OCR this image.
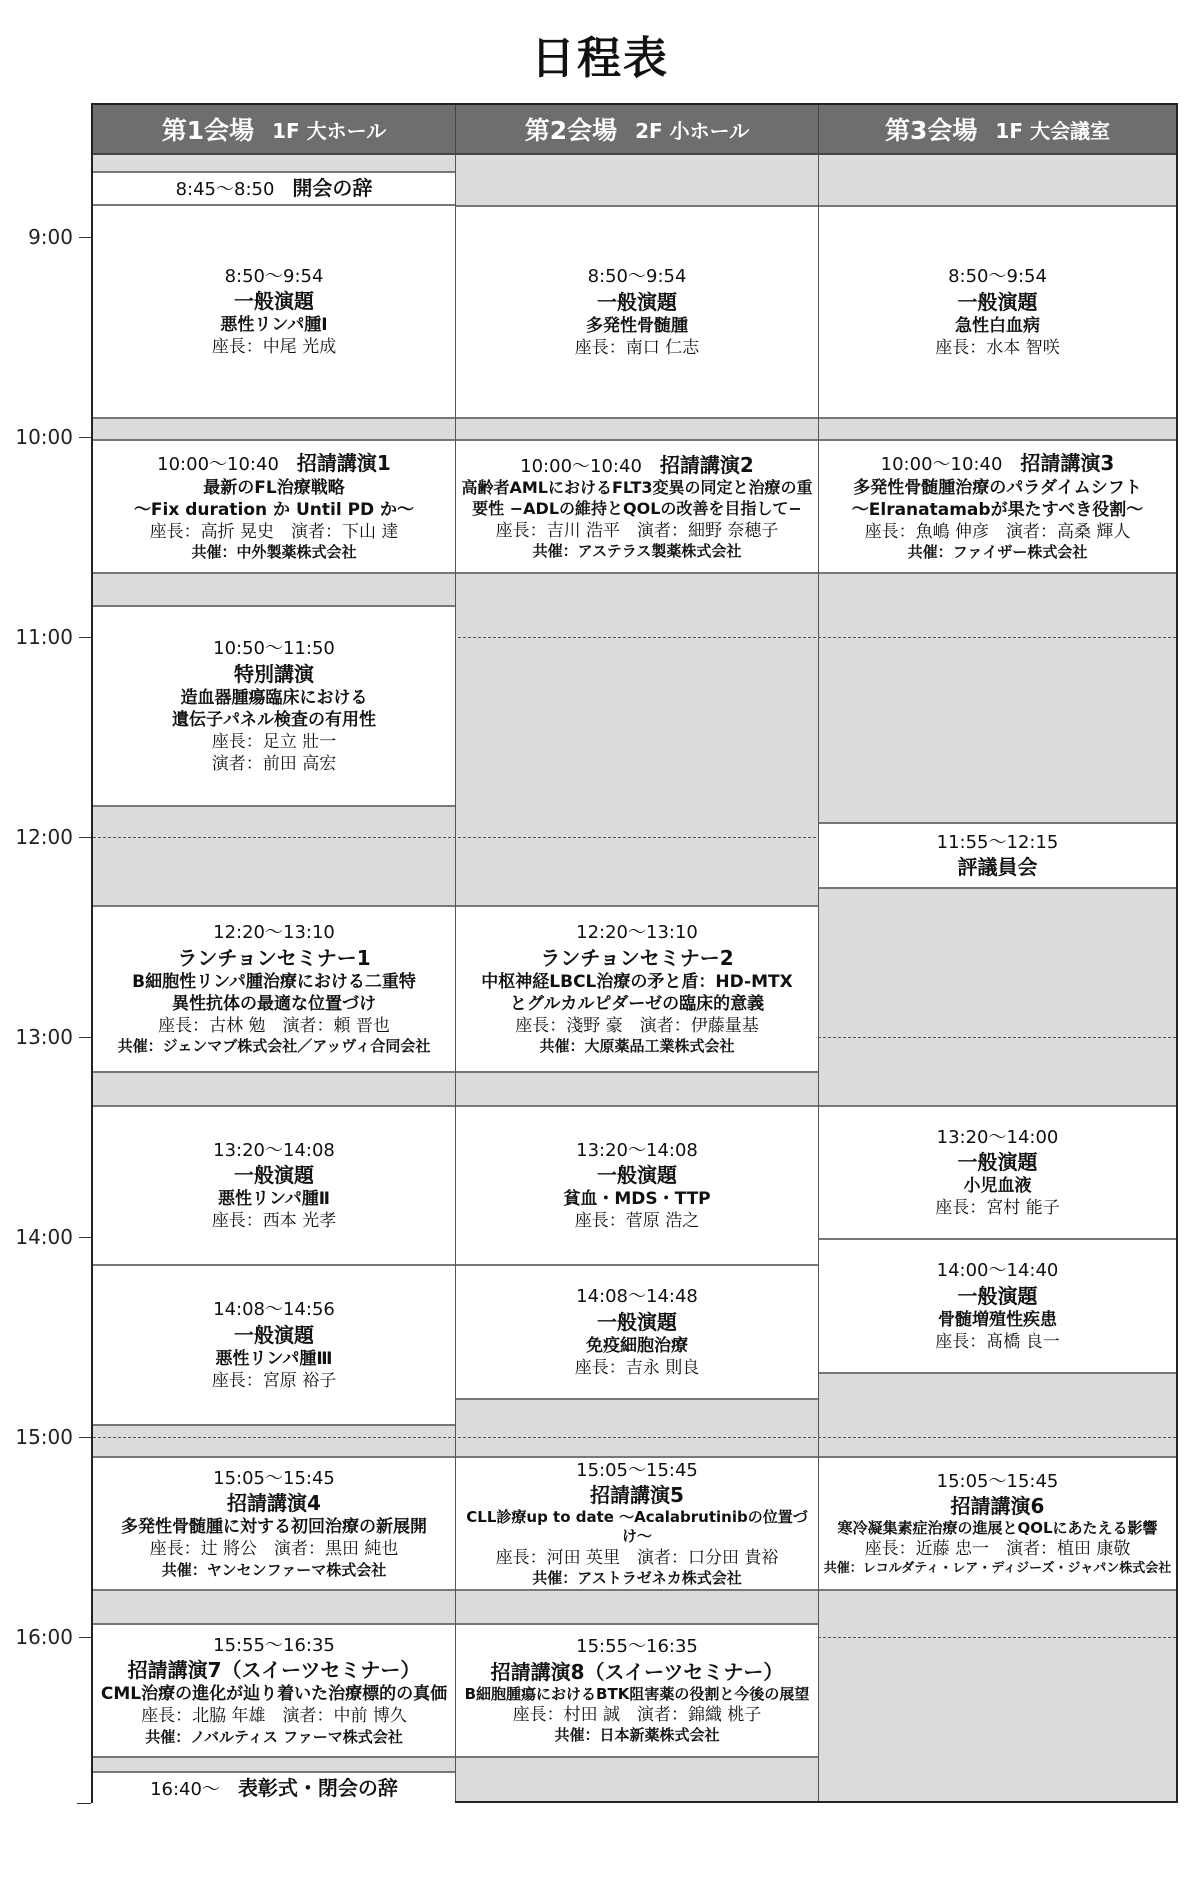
日程表
9:00
10:00
11:00
12:00
13:00
14:00
15:00
16:00
第1会場 1F 大ホール	第2会場 2F 小ホール	第3会場 1F 大会議室
8:45〜8:50 開会の辞
8:50〜9:54
一般演題
悪性リンパ腫Ⅰ
座長：中尾 光成
10:00〜10:40 招請講演1
最新のFL治療戦略
〜Fix duration か Until PD か〜
座長：高折 晃史　演者：下山 達
共催：中外製薬株式会社
10:50〜11:50
特別講演
造血器腫瘍臨床における
遺伝子パネル検査の有用性
座長：足立 壯一
演者：前田 高宏
12:20〜13:10
ランチョンセミナー1
B細胞性リンパ腫治療における二重特
異性抗体の最適な位置づけ
座長：古林 勉　演者：頼 晋也
共催：ジェンマブ株式会社／アッヴィ合同会社
13:20〜14:08
一般演題
悪性リンパ腫Ⅱ
座長：西本 光孝
14:08〜14:56
一般演題
悪性リンパ腫Ⅲ
座長：宮原 裕子
15:05〜15:45
招請講演4
多発性骨髄腫に対する初回治療の新展開
座長：辻 將公　演者：黒田 純也
共催：ヤンセンファーマ株式会社
15:55〜16:35
招請講演7（スイーツセミナー）
CML治療の進化が辿り着いた治療標的の真価
座長：北脇 年雄　演者：中前 博久
共催：ノバルティス ファーマ株式会社
16:40〜 表彰式・閉会の辞
8:50〜9:54
一般演題
多発性骨髄腫
座長：南口 仁志
10:00〜10:40 招請講演2
高齢者AMLにおけるFLT3変異の同定と治療の重
要性 −ADLの維持とQOLの改善を目指して−
座長：吉川 浩平　演者：細野 奈穂子
共催：アステラス製薬株式会社
12:20〜13:10
ランチョンセミナー2
中枢神経LBCL治療の矛と盾：HD-MTX
とグルカルピダーゼの臨床的意義
座長：淺野 豪　演者：伊藤量基
共催：大原薬品工業株式会社
13:20〜14:08
一般演題
貧血・MDS・TTP
座長：菅原 浩之
14:08〜14:48
一般演題
免疫細胞治療
座長：吉永 則良
15:05〜15:45
招請講演5
CLL診療up to date 〜Acalabrutinibの位置づけ〜
座長：河田 英里　演者：口分田 貴裕
共催：アストラゼネカ株式会社
15:55〜16:35
招請講演8（スイーツセミナー）
B細胞腫瘍におけるBTK阻害薬の役割と今後の展望
座長：村田 誠　演者：錦織 桃子
共催：日本新薬株式会社
8:50〜9:54
一般演題
急性白血病
座長：水本 智咲
10:00〜10:40 招請講演3
多発性骨髄腫治療のパラダイムシフト
〜Elranatamabが果たすべき役割〜
座長：魚嶋 伸彦　演者：高桑 輝人
共催：ファイザー株式会社
11:55〜12:15
評議員会
13:20〜14:00
一般演題
小児血液
座長：宮村 能子
14:00〜14:40
一般演題
骨髄増殖性疾患
座長：髙橋 良一
15:05〜15:45
招請講演6
寒冷凝集素症治療の進展とQOLにあたえる影響
座長：近藤 忠一　演者：植田 康敬
共催：レコルダティ・レア・ディジーズ・ジャパン株式会社
